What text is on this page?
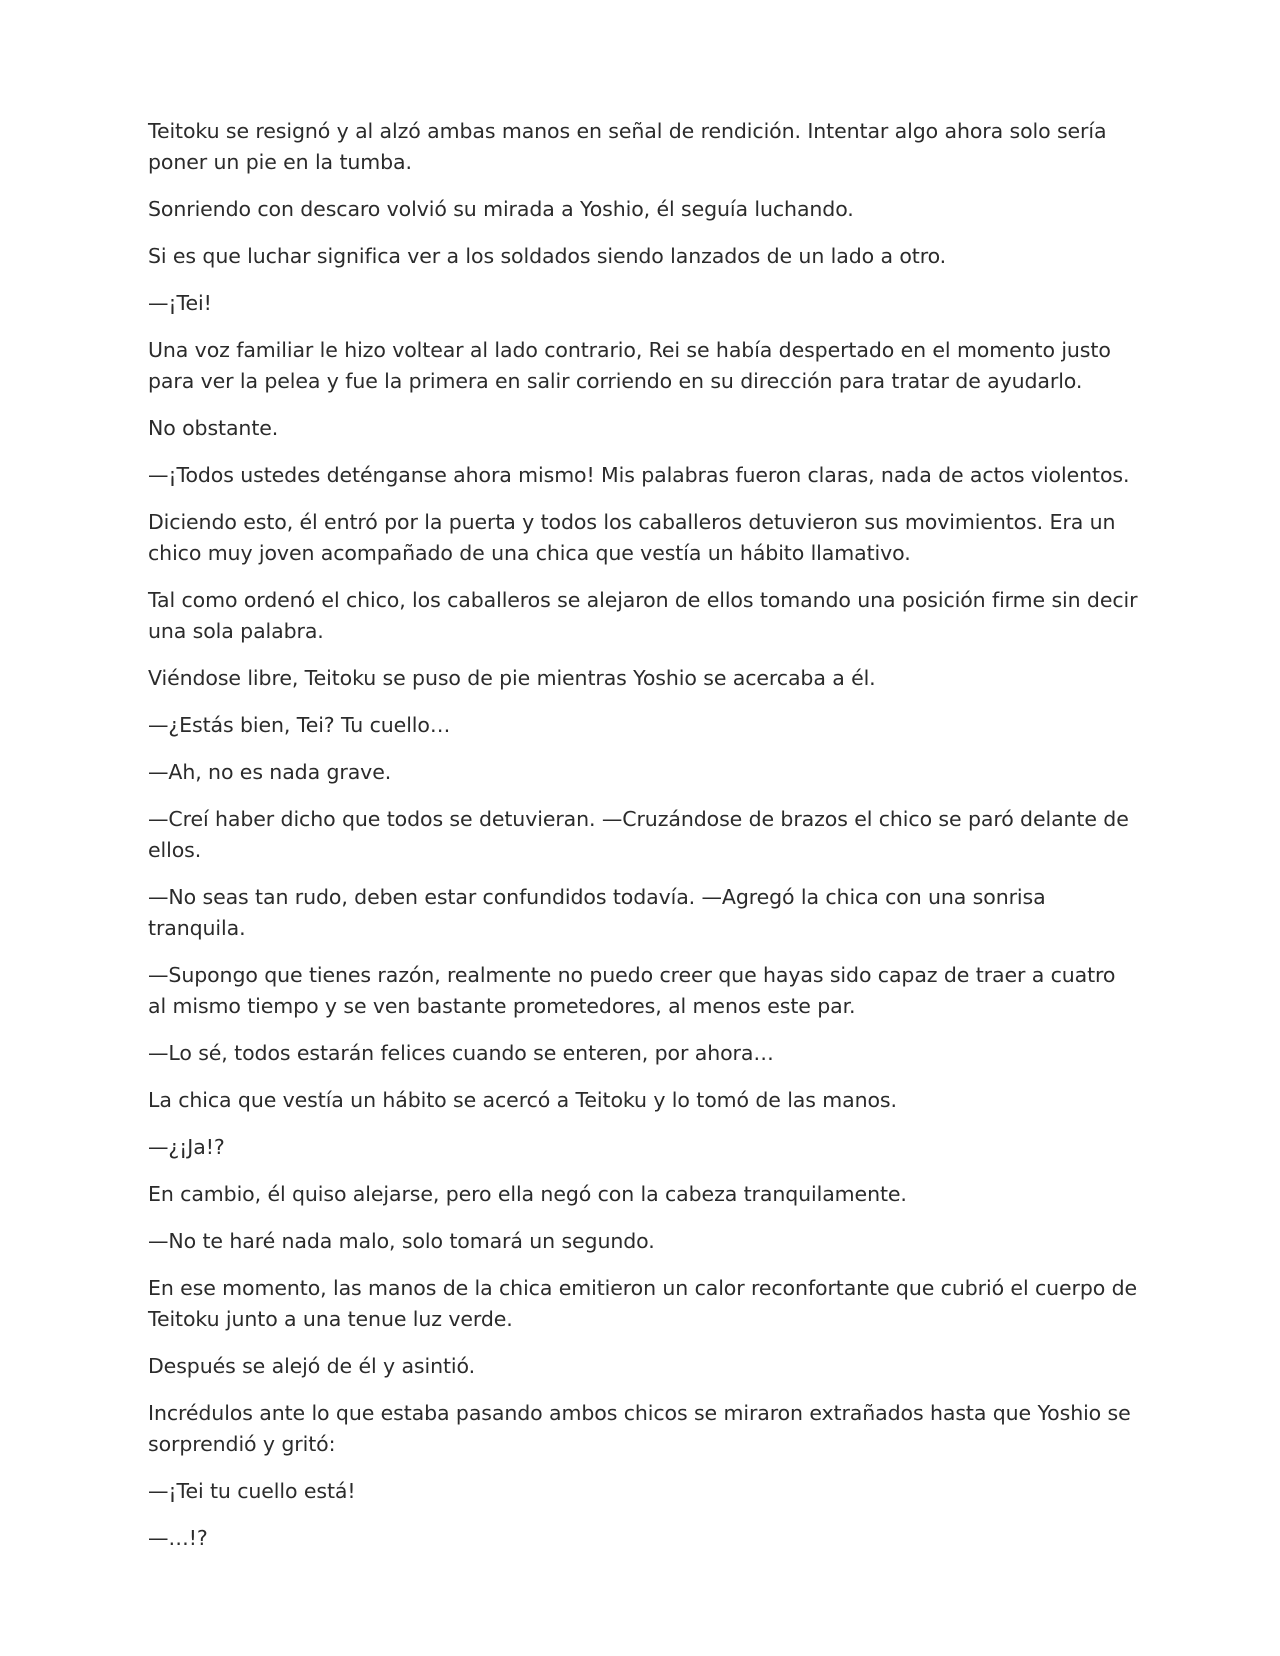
Teitoku se resignó y al alzó ambas manos en señal de rendición. Intentar algo ahora solo sería poner un pie en la tumba.

Sonriendo con descaro volvió su mirada a Yoshio, él seguía luchando.

Si es que luchar significa ver a los soldados siendo lanzados de un lado a otro.

—¡Tei!

Una voz familiar le hizo voltear al lado contrario, Rei se había despertado en el momento justo para ver la pelea y fue la primera en salir corriendo en su dirección para tratar de ayudarlo.

No obstante.

—¡Todos ustedes deténganse ahora mismo! Mis palabras fueron claras, nada de actos violentos.

Diciendo esto, él entró por la puerta y todos los caballeros detuvieron sus movimientos. Era un chico muy joven acompañado de una chica que vestía un hábito llamativo.

Tal como ordenó el chico, los caballeros se alejaron de ellos tomando una posición firme sin decir una sola palabra.

Viéndose libre, Teitoku se puso de pie mientras Yoshio se acercaba a él.

—¿Estás bien, Tei? Tu cuello…

—Ah, no es nada grave.

—Creí haber dicho que todos se detuvieran. —Cruzándose de brazos el chico se paró delante de ellos.

—No seas tan rudo, deben estar confundidos todavía. —Agregó la chica con una sonrisa tranquila.

—Supongo que tienes razón, realmente no puedo creer que hayas sido capaz de traer a cuatro al mismo tiempo y se ven bastante prometedores, al menos este par.

—Lo sé, todos estarán felices cuando se enteren, por ahora…

La chica que vestía un hábito se acercó a Teitoku y lo tomó de las manos.

—¿¡Ja!?

En cambio, él quiso alejarse, pero ella negó con la cabeza tranquilamente.

—No te haré nada malo, solo tomará un segundo.

En ese momento, las manos de la chica emitieron un calor reconfortante que cubrió el cuerpo de Teitoku junto a una tenue luz verde.

Después se alejó de él y asintió.

Incrédulos ante lo que estaba pasando ambos chicos se miraron extrañados hasta que Yoshio se sorprendió y gritó:

—¡Tei tu cuello está!

—…!?
